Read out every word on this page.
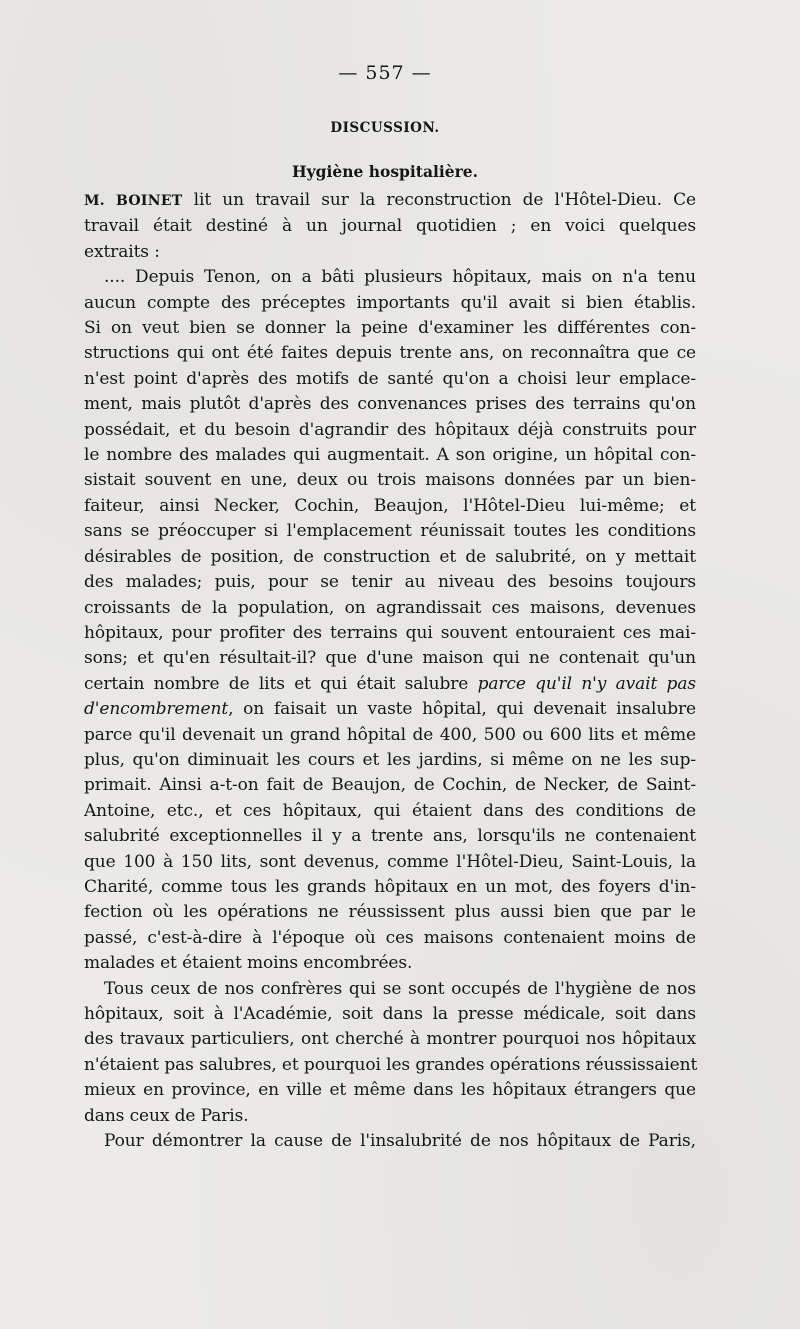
— 557 —
DISCUSSION.
Hygiène hospitalière.
M. BOINET lit un travail sur la reconstruction de l'Hôtel-Dieu. Ce
travail était destiné à un journal quotidien ; en voici quelques
extraits :
.... Depuis Tenon, on a bâti plusieurs hôpitaux, mais on n'a tenu
aucun compte des préceptes importants qu'il avait si bien établis.
Si on veut bien se donner la peine d'examiner les différentes con-
structions qui ont été faites depuis trente ans, on reconnaîtra que ce
n'est point d'après des motifs de santé qu'on a choisi leur emplace-
ment, mais plutôt d'après des convenances prises des terrains qu'on
possédait, et du besoin d'agrandir des hôpitaux déjà construits pour
le nombre des malades qui augmentait. A son origine, un hôpital con-
sistait souvent en une, deux ou trois maisons données par un bien-
faiteur, ainsi Necker, Cochin, Beaujon, l'Hôtel-Dieu lui-même; et
sans se préoccuper si l'emplacement réunissait toutes les conditions
désirables de position, de construction et de salubrité, on y mettait
des malades; puis, pour se tenir au niveau des besoins toujours
croissants de la population, on agrandissait ces maisons, devenues
hôpitaux, pour profiter des terrains qui souvent entouraient ces mai-
sons; et qu'en résultait-il? que d'une maison qui ne contenait qu'un
certain nombre de lits et qui était salubre parce qu'il n'y avait pas
d'encombrement, on faisait un vaste hôpital, qui devenait insalubre
parce qu'il devenait un grand hôpital de 400, 500 ou 600 lits et même
plus, qu'on diminuait les cours et les jardins, si même on ne les sup-
primait. Ainsi a-t-on fait de Beaujon, de Cochin, de Necker, de Saint-
Antoine, etc., et ces hôpitaux, qui étaient dans des conditions de
salubrité exceptionnelles il y a trente ans, lorsqu'ils ne contenaient
que 100 à 150 lits, sont devenus, comme l'Hôtel-Dieu, Saint-Louis, la
Charité, comme tous les grands hôpitaux en un mot, des foyers d'in-
fection où les opérations ne réussissent plus aussi bien que par le
passé, c'est-à-dire à l'époque où ces maisons contenaient moins de
malades et étaient moins encombrées.
Tous ceux de nos confrères qui se sont occupés de l'hygiène de nos
hôpitaux, soit à l'Académie, soit dans la presse médicale, soit dans
des travaux particuliers, ont cherché à montrer pourquoi nos hôpitaux
n'étaient pas salubres, et pourquoi les grandes opérations réussissaient
mieux en province, en ville et même dans les hôpitaux étrangers que
dans ceux de Paris.
Pour démontrer la cause de l'insalubrité de nos hôpitaux de Paris,
